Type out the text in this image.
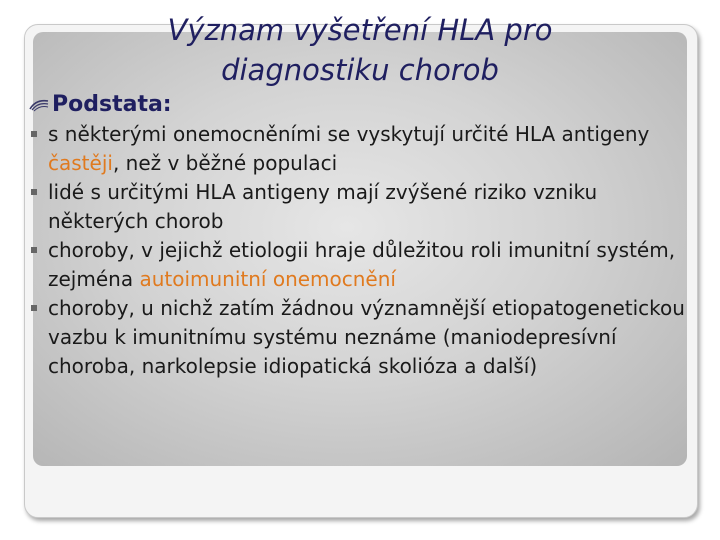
Význam vyšetření HLA pro
diagnostiku chorob
Podstata:
s některými onemocněními se vyskytují určité HLA antigeny častěji, než v běžné populaci
lidé s určitými HLA antigeny mají zvýšené riziko vzniku některých chorob
choroby, v jejichž etiologii hraje důležitou roli imunitní systém, zejména autoimunitní onemocnění
choroby, u nichž zatím žádnou významnější etiopatogenetickou vazbu k imunitnímu systému neznáme (maniodepresívní choroba, narkolepsie idiopatická skolióza a další)
